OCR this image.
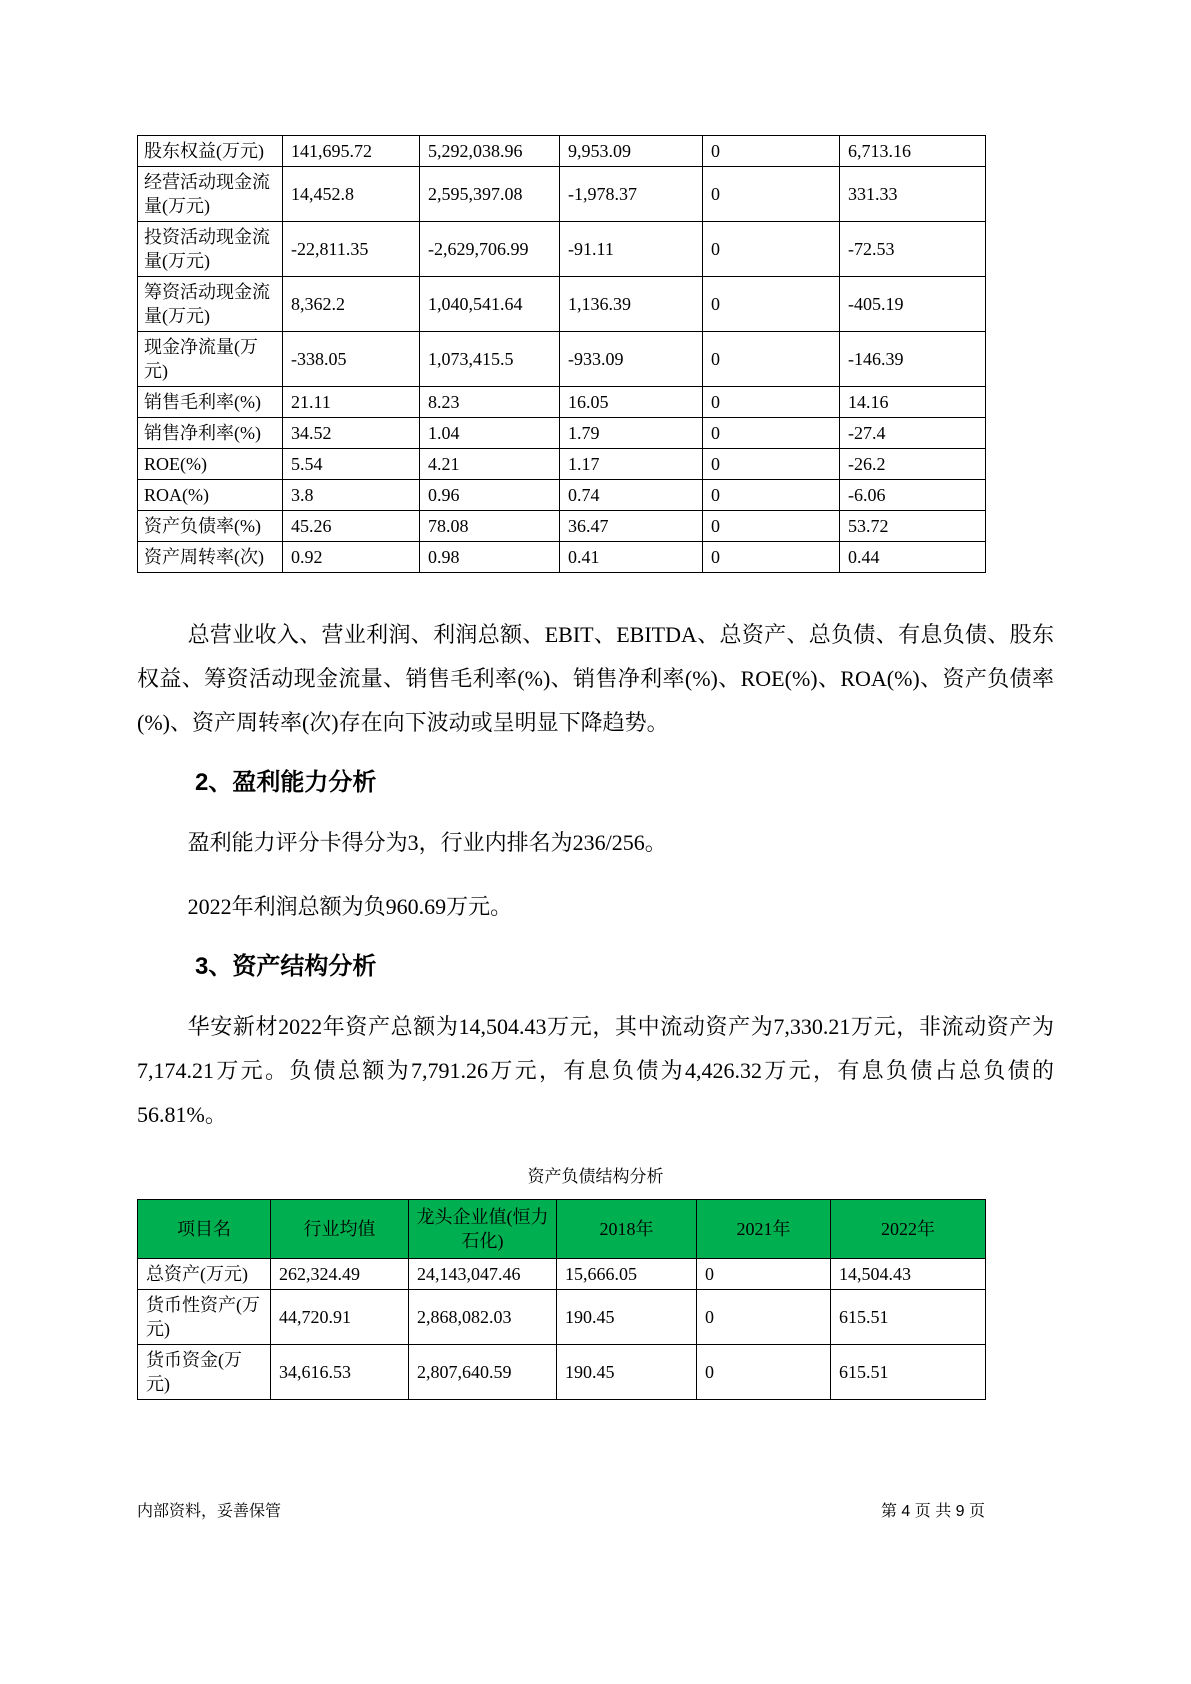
股东权益(万元)	141,695.72	5,292,038.96	9,953.09	0	6,713.16
经营活动现金流量(万元)	14,452.8	2,595,397.08	-1,978.37	0	331.33
投资活动现金流量(万元)	-22,811.35	-2,629,706.99	-91.11	0	-72.53
筹资活动现金流量(万元)	8,362.2	1,040,541.64	1,136.39	0	-405.19
现金净流量(万元)	-338.05	1,073,415.5	-933.09	0	-146.39
销售毛利率(%)	21.11	8.23	16.05	0	14.16
销售净利率(%)	34.52	1.04	1.79	0	-27.4
ROE(%)	5.54	4.21	1.17	0	-26.2
ROA(%)	3.8	0.96	0.74	0	-6.06
资产负债率(%)	45.26	78.08	36.47	0	53.72
资产周转率(次)	0.92	0.98	0.41	0	0.44

总营业收入、营业利润、利润总额、EBIT、EBITDA、总资产、总负债、有息负债、股东权益、筹资活动现金流量、销售毛利率(%)、销售净利率(%)、ROE(%)、ROA(%)、资产负债率(%)、资产周转率(次)存在向下波动或呈明显下降趋势。

2、盈利能力分析

盈利能力评分卡得分为3，行业内排名为236/256。

2022年利润总额为负960.69万元。

3、资产结构分析

华安新材2022年资产总额为14,504.43万元，其中流动资产为7,330.21万元，非流动资产为7,174.21万元。负债总额为7,791.26万元，有息负债为4,426.32万元，有息负债占总负债的56.81%。

资产负债结构分析
项目名	行业均值	龙头企业值(恒力石化)	2018年	2021年	2022年
总资产(万元)	262,324.49	24,143,047.46	15,666.05	0	14,504.43
货币性资产(万元)	44,720.91	2,868,082.03	190.45	0	615.51
货币资金(万元)	34,616.53	2,807,640.59	190.45	0	615.51
内部资料，妥善保管	第 4 页 共 9 页
